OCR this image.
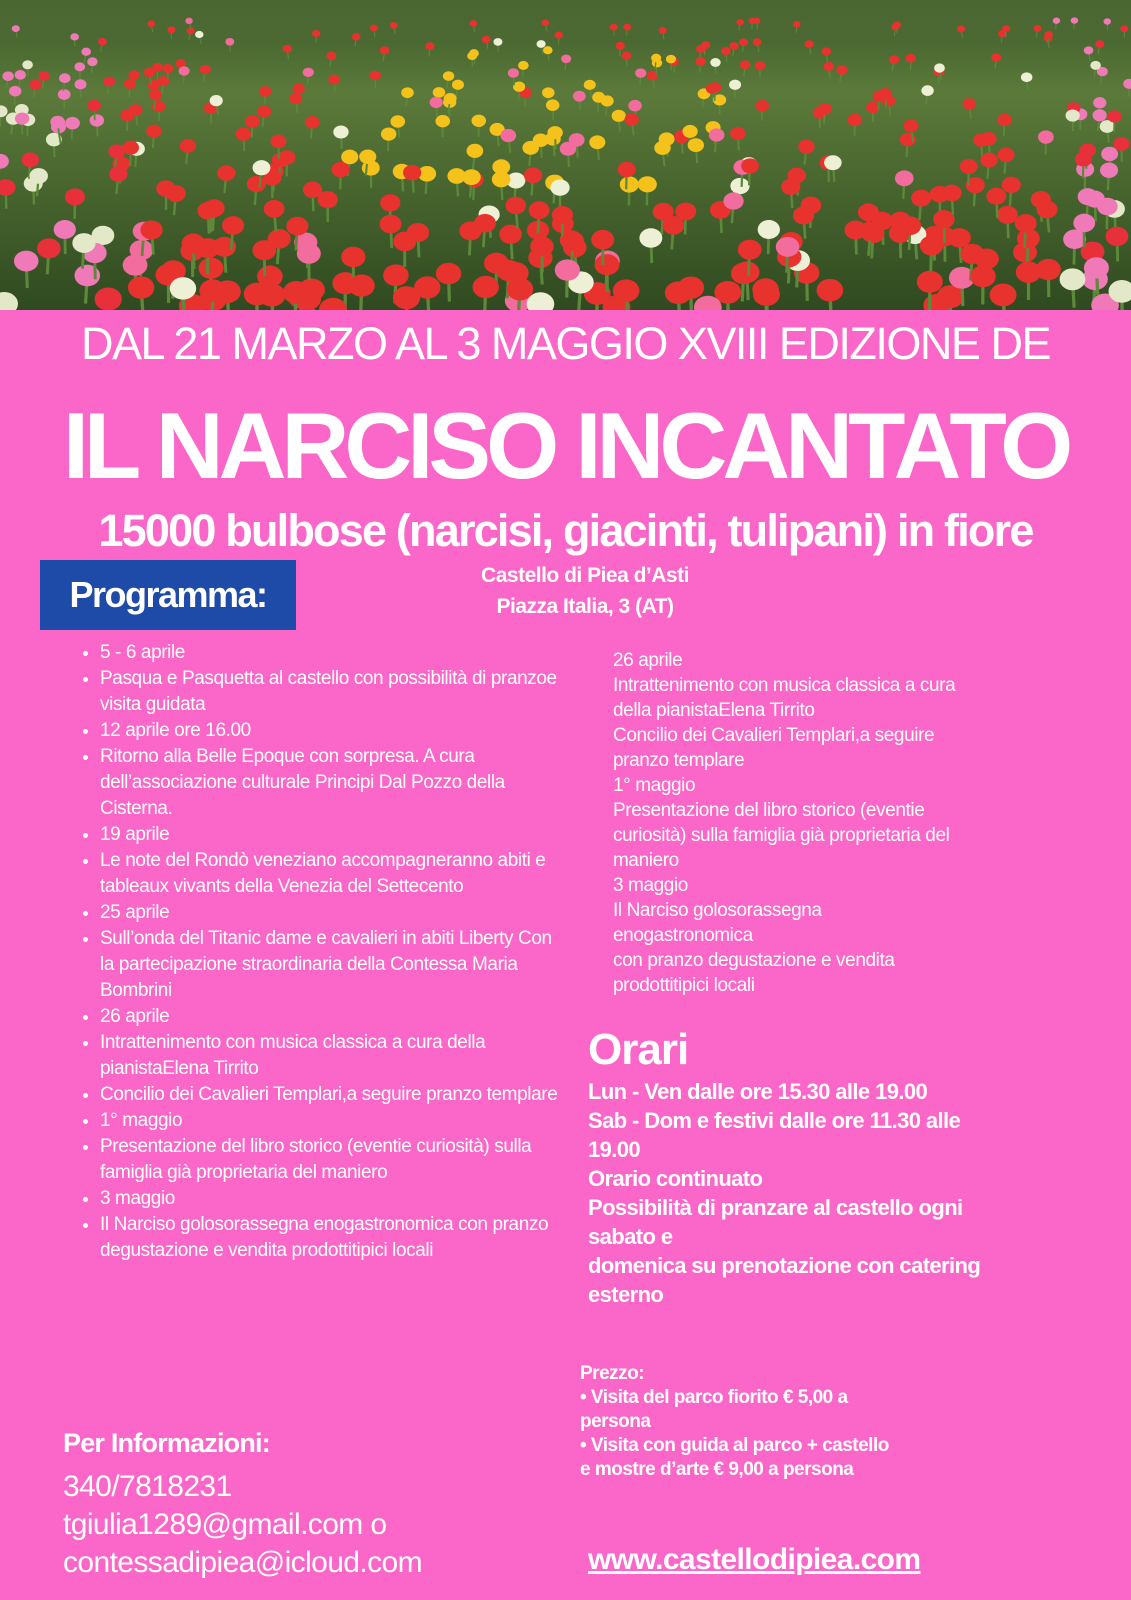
DAL 21 MARZO AL 3 MAGGIO XVIII EDIZIONE DE
IL NARCISO INCANTATO
15000 bulbose (narcisi, giacinti, tulipani) in fiore
Programma:	Castello di Piea d’Asti
Piazza Italia, 3 (AT)
• 5 - 6 aprile
• Pasqua e Pasquetta al castello con possibilità di pranzoe visita guidata
• 12 aprile ore 16.00
• Ritorno alla Belle Epoque con sorpresa. A cura dell’associazione culturale Principi Dal Pozzo della Cisterna.
• 19 aprile
• Le note del Rondò veneziano accompagneranno abiti e tableaux vivants della Venezia del Settecento
• 25 aprile
• Sull’onda del Titanic dame e cavalieri in abiti Liberty Con la partecipazione straordinaria della Contessa Maria Bombrini
• 26 aprile
• Intrattenimento con musica classica a cura della pianistaElena Tirrito
• Concilio dei Cavalieri Templari,a seguire pranzo templare
• 1° maggio
• Presentazione del libro storico (eventie curiosità) sulla famiglia già proprietaria del maniero
• 3 maggio
• Il Narciso golosorassegna enogastronomica con pranzo degustazione e vendita prodottitipici locali
26 aprile
Intrattenimento con musica classica a cura
della pianistaElena Tirrito
Concilio dei Cavalieri Templari,a seguire
pranzo templare
1° maggio
Presentazione del libro storico (eventie
curiosità) sulla famiglia già proprietaria del
maniero
3 maggio
Il Narciso golosorassegna
enogastronomica
con pranzo degustazione e vendita
prodottitipici locali
Orari
Lun - Ven dalle ore 15.30 alle 19.00
Sab - Dom e festivi dalle ore 11.30 alle
19.00
Orario continuato
Possibilità di pranzare al castello ogni
sabato e
domenica su prenotazione con catering
esterno
Prezzo:
• Visita del parco fiorito € 5,00 a
persona
• Visita con guida al parco + castello
e mostre d’arte € 9,00 a persona
Per Informazioni:
340/7818231
tgiulia1289@gmail.com o
contessadipiea@icloud.com	www.castellodipiea.com
